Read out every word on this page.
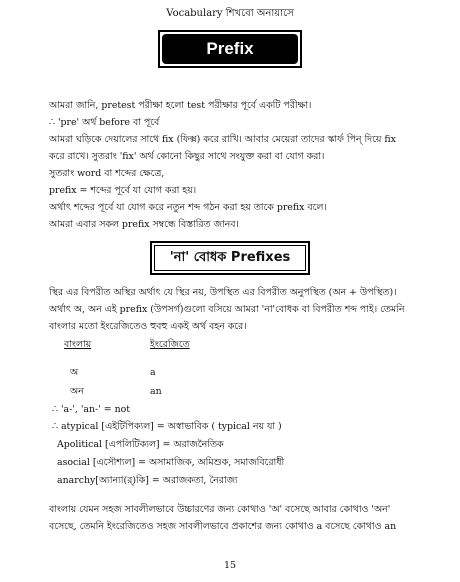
Vocabulary শিখবো অনায়াসে
Prefix
আমরা জানি, pretest পরীক্ষা হলো test পরীক্ষার পূর্বে একটি পরীক্ষা।
∴ 'pre' অর্থ before বা পূর্বে
আমরা ঘড়িকে দেয়ালের সাথে fix (ফিক্স) করে রাখি। আবার মেয়েরা তাদের স্কার্ফ পিন্‌ দিয়ে fix
করে রাখে। সুতরাং 'fix' অর্থ কোনো কিছুর সাথে সংযুক্ত করা বা যোগ করা।
সুতরাং word বা শব্দের ক্ষেত্রে,
prefix = শব্দের পূর্বে যা যোগ করা হয়।
অর্থাৎ শব্দের পূর্বে যা যোগ করে নতুন শব্দ গঠন করা হয় তাকে prefix বলে।
আমরা এবার সকল prefix সম্বন্ধে বিস্তারিত জানব।
'না' বোধক Prefixes
স্থির এর বিপরীত অস্থির অর্থাৎ যে স্থির নয়, উপস্থিত এর বিপরীত অনুপস্থিত (অন + উপস্থিত)।
অর্থাৎ অ, অন এই prefix (উপসর্গ)গুলো বসিয়ে আমরা 'না'বোধক বা বিপরীত শব্দ পাই। তেমনি
বাংলার মতো ইংরেজিতেও হুবহু একই অর্থ বহন করে।
বাংলায়	ইংরেজিতে
অ	a
অন	an
∴ 'a-', 'an-' = not
∴ atypical [এইটিপিক্যল] = অস্বাভাবিক ( typical নয় যা )
Apolitical [এপলিটিক্যল] = অরাজনৈতিক
asocial [এসৌশ্যল] = অসামাজিক, অমিশুক, সমাজবিরোধী
anarchy[অ্যান্যা(র্)কি] = অরাজকতা, নৈরাজ্য
বাংলায় যেমন সহজ সাবলীলভাবে উচ্চারণের জন্য কোথাও 'অ' বসেছে আবার কোথাও 'অন'
বসেছে, তেমনি ইংরেজিতেও সহজ সাবলীলভাবে প্রকাশের জন্য কোথাও a বসেছে কোথাও an
15
